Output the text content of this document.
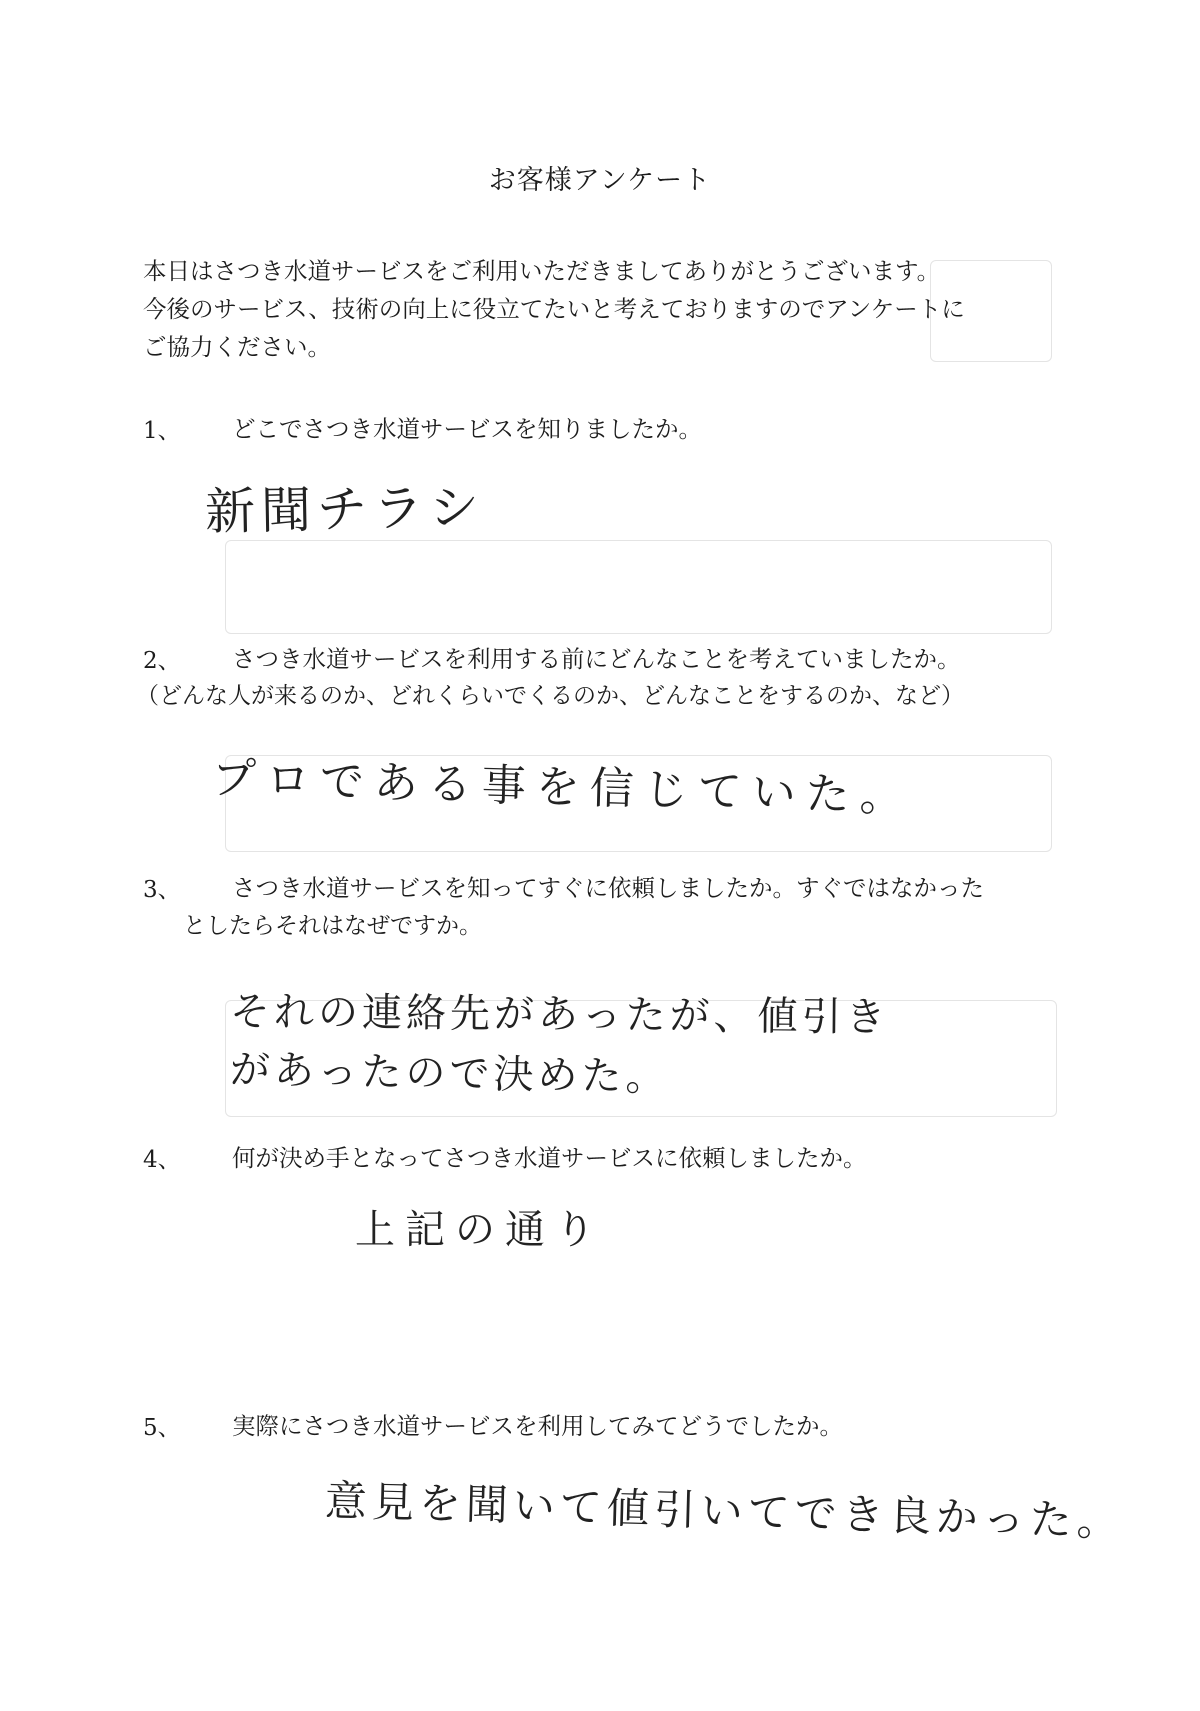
お客様アンケート
本日はさつき水道サービスをご利用いただきましてありがとうございます。
今後のサービス、技術の向上に役立てたいと考えておりますのでアンケートに
ご協力ください。
1、 どこでさつき水道サービスを知りましたか。
新聞チラシ
2、 さつき水道サービスを利用する前にどんなことを考えていましたか。
（どんな人が来るのか、どれくらいでくるのか、どんなことをするのか、など）
プロである事を信じていた。
3、 さつき水道サービスを知ってすぐに依頼しましたか。すぐではなかった
としたらそれはなぜですか。
それの連絡先があったが、値引き
があったので決めた。
4、 何が決め手となってさつき水道サービスに依頼しましたか。
上記の通り
5、 実際にさつき水道サービスを利用してみてどうでしたか。
意見を聞いて値引いてでき良かった。
